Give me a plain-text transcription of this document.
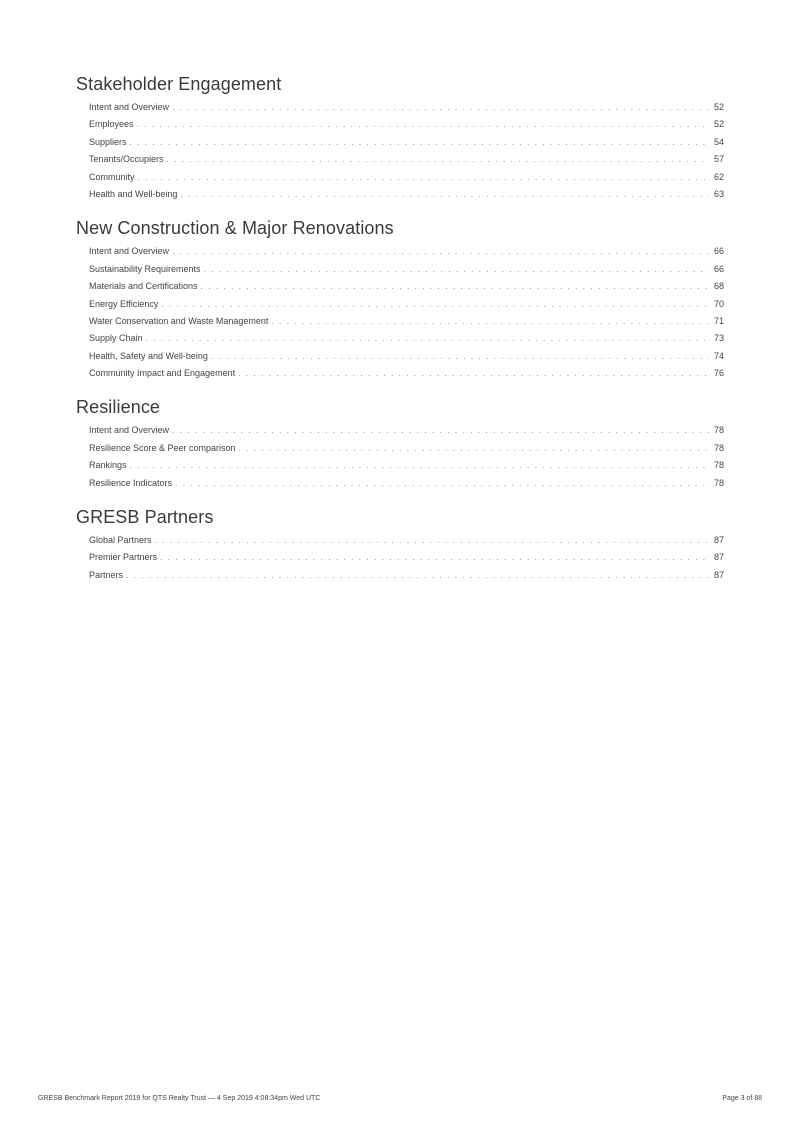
Stakeholder Engagement
Intent and Overview . . .	52
Employees . . .	52
Suppliers . . .	54
Tenants/Occupiers . . .	57
Community . . .	62
Health and Well-being . . .	63
New Construction & Major Renovations
Intent and Overview . . .	66
Sustainability Requirements . . .	66
Materials and Certifications . . .	68
Energy Efficiency . . .	70
Water Conservation and Waste Management . . .	71
Supply Chain . . .	73
Health, Safety and Well-being . . .	74
Community Impact and Engagement . . .	76
Resilience
Intent and Overview . . .	78
Resilience Score & Peer comparison . . .	78
Rankings . . .	78
Resilience Indicators . . .	78
GRESB Partners
Global Partners . . .	87
Premier Partners . . .	87
Partners . . .	87
GRESB Benchmark Report 2019 for QTS Realty Trust — 4 Sep 2019 4:08:34pm Wed UTC	Page 3 of 88
